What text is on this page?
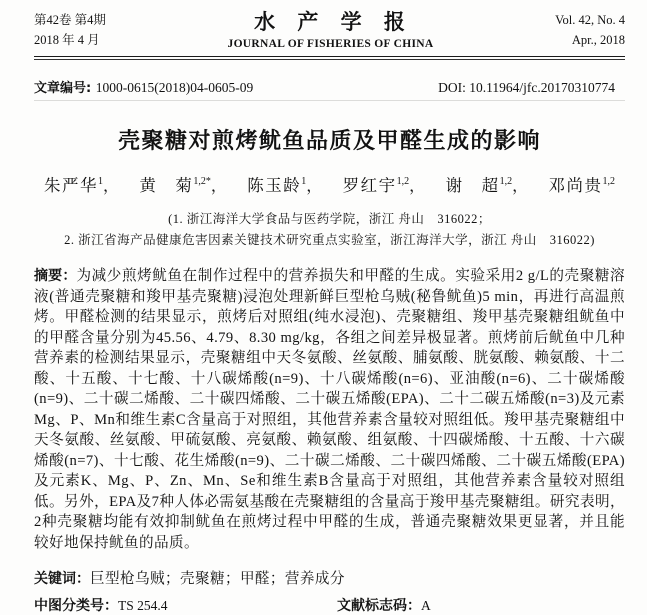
第42卷 第4期
2018 年 4 月
水 产 学 报
JOURNAL OF FISHERIES OF CHINA
Vol. 42, No. 4
Apr., 2018
文章编号: 1000-0615(2018)04-0605-09	DOI: 10.11964/jfc.20170310774
壳聚糖对煎烤鱿鱼品质及甲醛生成的影响
朱严华$^1$， 黄　菊$^{1,2*}$， 陈玉龄$^1$， 罗红宇$^{1,2}$， 谢　超$^{1,2}$， 邓尚贵$^{1,2}$
(1. 浙江海洋大学食品与医药学院，浙江 舟山　316022；
2. 浙江省海产品健康危害因素关键技术研究重点实验室，浙江海洋大学，浙江 舟山　316022)

摘要：为减少煎烤鱿鱼在制作过程中的营养损失和甲醛的生成。实验采用2 g/L的壳聚糖溶液(普通壳聚糖和羧甲基壳聚糖)浸泡处理新鲜巨型枪乌贼(秘鲁鱿鱼)5 min，再进行高温煎烤。甲醛检测的结果显示，煎烤后对照组(纯水浸泡)、壳聚糖组、羧甲基壳聚糖组鱿鱼中的甲醛含量分别为45.56、4.79、8.30 mg/kg，各组之间差异极显著。煎烤前后鱿鱼中几种营养素的检测结果显示，壳聚糖组中天冬氨酸、丝氨酸、脯氨酸、胱氨酸、赖氨酸、十二酸、十五酸、十七酸、十八碳烯酸(n=9)、十八碳烯酸(n=6)、亚油酸(n=6)、二十碳烯酸(n=9)、二十碳二烯酸、二十碳四烯酸、二十碳五烯酸(EPA)、二十二碳五烯酸(n=3)及元素Mg、P、Mn和维生素C含量高于对照组，其他营养素含量较对照组低。羧甲基壳聚糖组中天冬氨酸、丝氨酸、甲硫氨酸、亮氨酸、赖氨酸、组氨酸、十四碳烯酸、十五酸、十六碳烯酸(n=7)、十七酸、花生烯酸(n=9)、二十碳二烯酸、二十碳四烯酸、二十碳五烯酸(EPA)及元素K、Mg、P、Zn、Mn、Se和维生素B含量高于对照组，其他营养素含量较对照组低。另外，EPA及7种人体必需氨基酸在壳聚糖组的含量高于羧甲基壳聚糖组。研究表明，2种壳聚糖均能有效抑制鱿鱼在煎烤过程中甲醛的生成，普通壳聚糖效果更显著，并且能较好地保持鱿鱼的品质。

关键词：巨型枪乌贼；壳聚糖；甲醛；营养成分
中图分类号：TS 254.4	文献标志码：A
